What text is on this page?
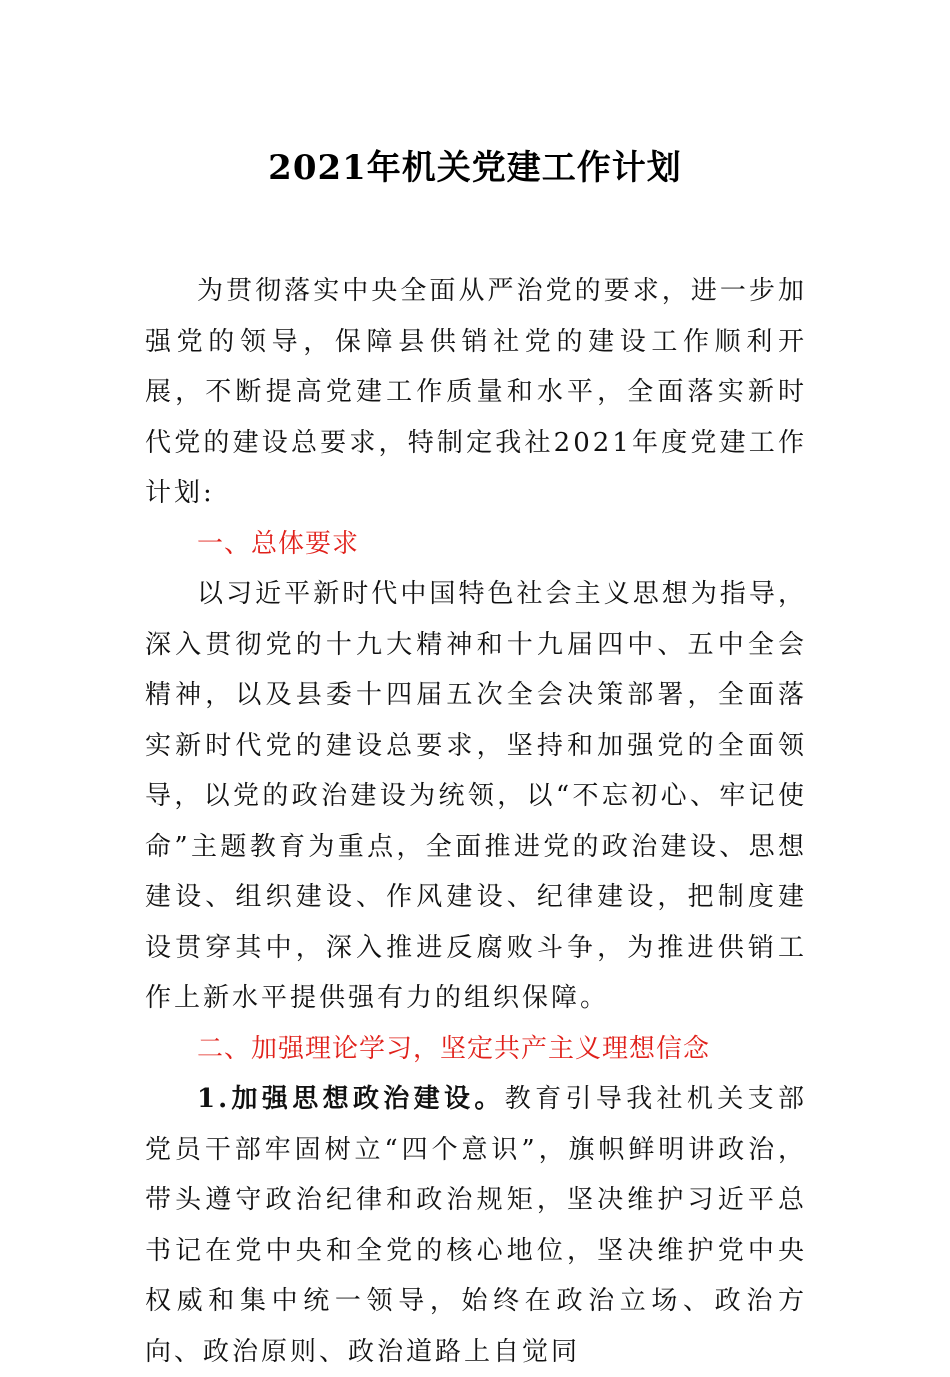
2021年机关党建工作计划

为贯彻落实中央全面从严治党的要求，进一步加强党的领导，保障县供销社党的建设工作顺利开展，不断提高党建工作质量和水平，全面落实新时代党的建设总要求，特制定我社2021年度党建工作计划:

一、总体要求

以习近平新时代中国特色社会主义思想为指导，深入贯彻党的十九大精神和十九届四中、五中全会精神，以及县委十四届五次全会决策部署，全面落实新时代党的建设总要求，坚持和加强党的全面领导，以党的政治建设为统领，以“不忘初心、牢记使命”主题教育为重点，全面推进党的政治建设、思想建设、组织建设、作风建设、纪律建设，把制度建设贯穿其中，深入推进反腐败斗争，为推进供销工作上新水平提供强有力的组织保障。

二、加强理论学习，坚定共产主义理想信念

1.加强思想政治建设。教育引导我社机关支部党员干部牢固树立“四个意识”，旗帜鲜明讲政治，带头遵守政治纪律和政治规矩，坚决维护习近平总书记在党中央和全党的核心地位，坚决维护党中央权威和集中统一领导，始终在政治立场、政治方向、政治原则、政治道路上自觉同
